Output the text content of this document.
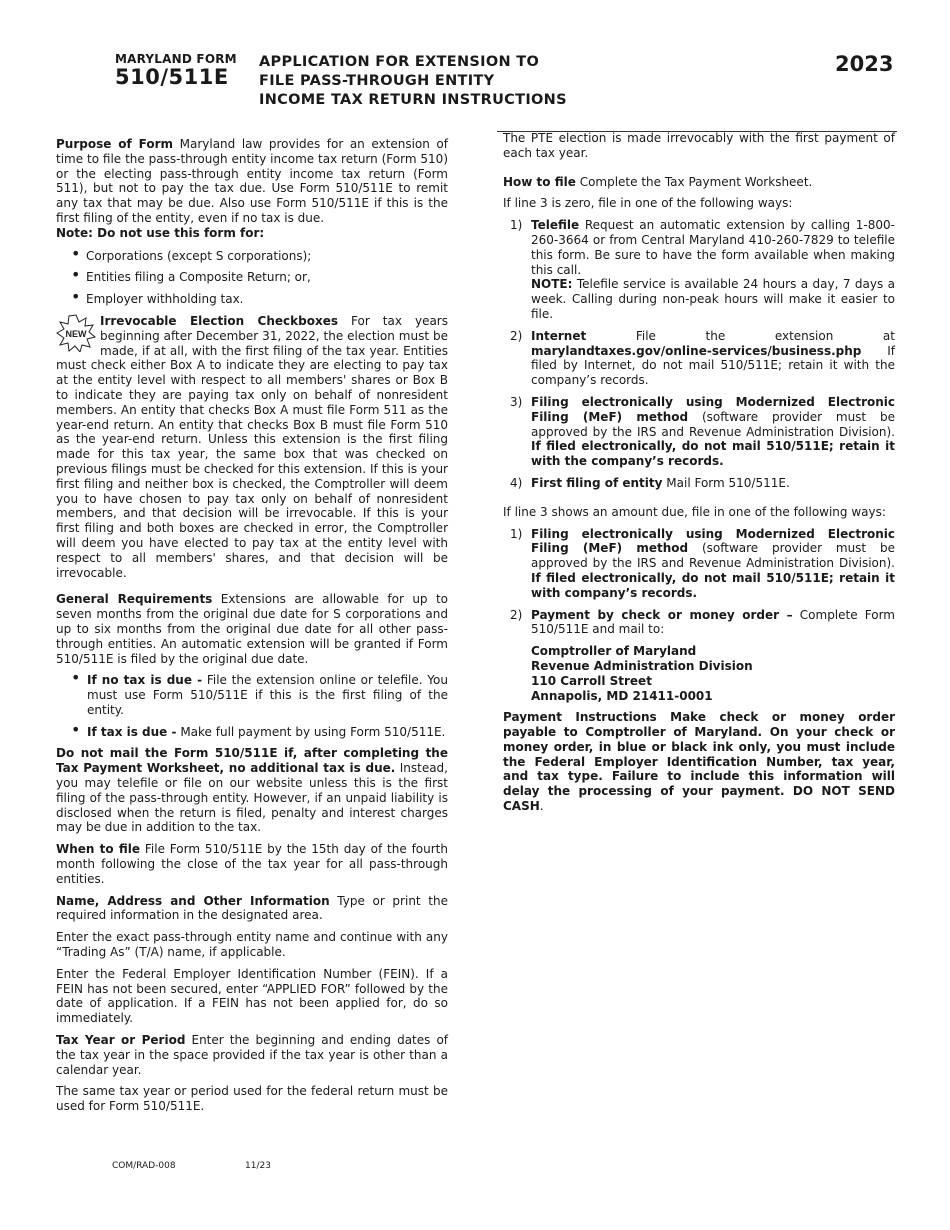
MARYLAND FORM
510/511E
APPLICATION FOR EXTENSION TO
FILE PASS-THROUGH ENTITY
INCOME TAX RETURN INSTRUCTIONS
2023

Purpose of Form Maryland law provides for an extension of time to file the pass-through entity income tax return (Form 510) or the electing pass-through entity income tax return (Form 511), but not to pay the tax due. Use Form 510/511E to remit any tax that may be due. Also use Form 510/511E if this is the first filing of the entity, even if no tax is due.

Note: Do not use this form for:

• Corporations (except S corporations);
• Entities filing a Composite Return; or,
• Employer withholding tax.

NEW
Irrevocable Election Checkboxes For tax years beginning after December 31, 2022, the election must be made, if at all, with the first filing of the tax year. Entities must check either Box A to indicate they are electing to pay tax at the entity level with respect to all members' shares or Box B to indicate they are paying tax only on behalf of nonresident members. An entity that checks Box A must file Form 511 as the year-end return. An entity that checks Box B must file Form 510 as the year-end return. Unless this extension is the first filing made for this tax year, the same box that was checked on previous filings must be checked for this extension. If this is your first filing and neither box is checked, the Comptroller will deem you to have chosen to pay tax only on behalf of nonresident members, and that decision will be irrevocable. If this is your first filing and both boxes are checked in error, the Comptroller will deem you have elected to pay tax at the entity level with respect to all members' shares, and that decision will be irrevocable.

General Requirements Extensions are allowable for up to seven months from the original due date for S corporations and up to six months from the original due date for all other pass-through entities. An automatic extension will be granted if Form 510/511E is filed by the original due date.

• If no tax is due - File the extension online or telefile. You must use Form 510/511E if this is the first filing of the entity.
• If tax is due - Make full payment by using Form 510/511E.

Do not mail the Form 510/511E if, after completing the Tax Payment Worksheet, no additional tax is due. Instead, you may telefile or file on our website unless this is the first filing of the pass-through entity. However, if an unpaid liability is disclosed when the return is filed, penalty and interest charges may be due in addition to the tax.

When to file File Form 510/511E by the 15th day of the fourth month following the close of the tax year for all pass-through entities.

Name, Address and Other Information Type or print the required information in the designated area.

Enter the exact pass-through entity name and continue with any “Trading As” (T/A) name, if applicable.

Enter the Federal Employer Identification Number (FEIN). If a FEIN has not been secured, enter “APPLIED FOR” followed by the date of application. If a FEIN has not been applied for, do so immediately.

Tax Year or Period Enter the beginning and ending dates of the tax year in the space provided if the tax year is other than a calendar year.

The same tax year or period used for the federal return must be used for Form 510/511E.

The PTE election is made irrevocably with the first payment of each tax year.

How to file Complete the Tax Payment Worksheet.

If line 3 is zero, file in one of the following ways:

1) Telefile Request an automatic extension by calling 1-800-260-3664 or from Central Maryland 410-260-7829 to telefile this form. Be sure to have the form available when making this call.
NOTE: Telefile service is available 24 hours a day, 7 days a week. Calling during non-peak hours will make it easier to file.
2) Internet	File the extension at marylandtaxes.gov/online-services/business.php If filed by Internet, do not mail 510/511E; retain it with the company’s records.
3) Filing electronically using Modernized Electronic Filing (MeF) method (software provider must be approved by the IRS and Revenue Administration Division). If filed electronically, do not mail 510/511E; retain it with the company’s records.
4) First filing of entity Mail Form 510/511E.

If line 3 shows an amount due, file in one of the following ways:

1) Filing electronically using Modernized Electronic Filing (MeF) method (software provider must be approved by the IRS and Revenue Administration Division). If filed electronically, do not mail 510/511E; retain it with company’s records.
2) Payment by check or money order – Complete Form 510/511E and mail to:
Comptroller of Maryland
Revenue Administration Division
110 Carroll Street
Annapolis, MD 21411-0001

Payment Instructions Make check or money order payable to Comptroller of Maryland. On your check or money order, in blue or black ink only, you must include the Federal Employer Identification Number, tax year, and tax type. Failure to include this information will delay the processing of your payment. DO NOT SEND CASH.

COM/RAD-008	11/23
